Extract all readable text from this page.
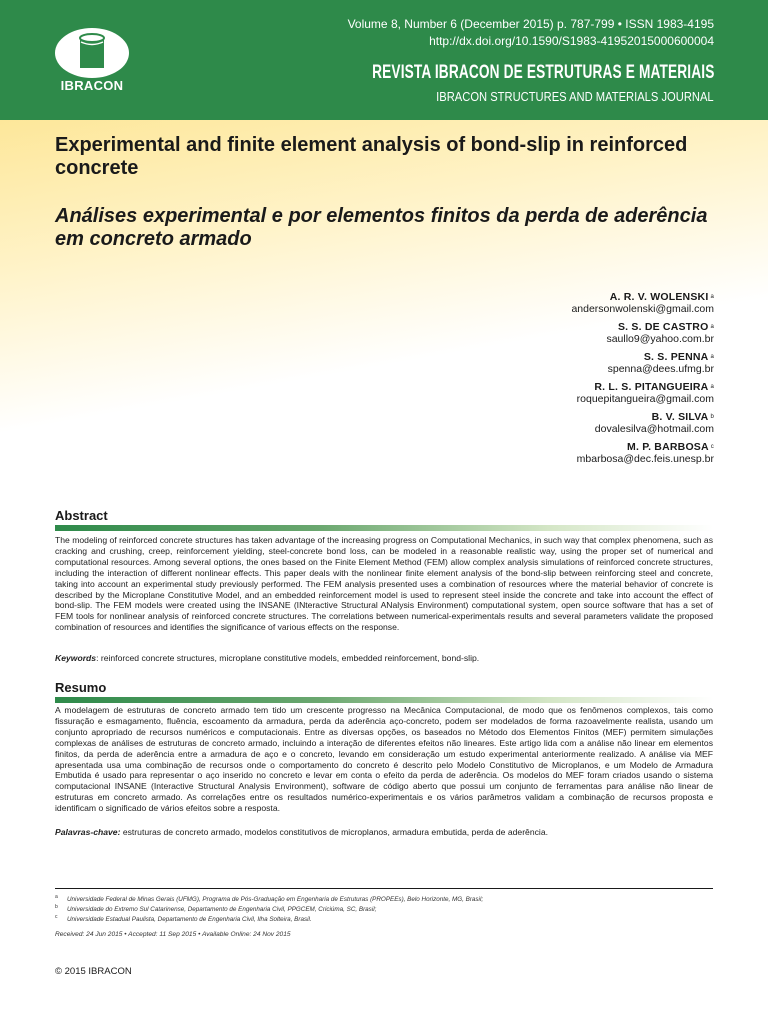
IBRACON
Volume 8, Number 6 (December 2015) p. 787-799 • ISSN 1983-4195
http://dx.doi.org/10.1590/S1983-41952015000600004
REVISTA IBRACON DE ESTRUTURAS E MATERIAIS
IBRACON STRUCTURES AND MATERIALS JOURNAL
Experimental and finite element analysis of bond-slip in reinforced concrete
Análises experimental e por elementos finitos da perda de aderência em concreto armado
A. R. V. WOLENSKI $^a$
andersonwolenski@gmail.com
S. S. DE CASTRO $^a$
saullo9@yahoo.com.br
S. S. PENNA $^a$
spenna@dees.ufmg.br
R. L. S. PITANGUEIRA $^a$
roquepitangueira@gmail.com
B. V. SILVA $^b$
dovalesilva@hotmail.com
M. P. BARBOSA $^c$
mbarbosa@dec.feis.unesp.br
Abstract

The modeling of reinforced concrete structures has taken advantage of the increasing progress on Computational Mechanics, in such way that complex phenomena, such as cracking and crushing, creep, reinforcement yielding, steel-concrete bond loss, can be modeled in a reasonable realistic way, using the proper set of numerical and computational resources. Among several options, the ones based on the Finite Element Method (FEM) allow complex analysis simulations of reinforced concrete structures, including the interaction of different nonlinear effects. This paper deals with the nonlinear finite element analysis of the bond-slip between reinforcing steel and concrete, taking into account an experimental study previously performed. The FEM analysis presented uses a combination of resources where the material behavior of concrete is described by the Microplane Constitutive Model, and an embedded reinforcement model is used to represent steel inside the concrete and take into account the effect of bond-slip. The FEM models were created using the INSANE (INteractive Structural ANalysis Environment) computational system, open source software that has a set of FEM tools for nonlinear analysis of reinforced concrete structures. The correlations between numerical-experimentals results and several parameters validate the proposed combination of resources and identifies the significance of various effects on the response.

Keywords: reinforced concrete structures, microplane constitutive models, embedded reinforcement, bond-slip.

Resumo

A modelagem de estruturas de concreto armado tem tido um crescente progresso na Mecânica Computacional, de modo que os fenômenos complexos, tais como fissuração e esmagamento, fluência, escoamento da armadura, perda da aderência aço-concreto, podem ser modelados de forma razoavelmente realista, usando um conjunto apropriado de recursos numéricos e computacionais. Entre as diversas opções, os baseados no Método dos Elementos Finitos (MEF) permitem simulações complexas de análises de estruturas de concreto armado, incluindo a interação de diferentes efeitos não lineares. Este artigo lida com a análise não linear em elementos finitos, da perda de aderência entre a armadura de aço e o concreto, levando em consideração um estudo experimental anteriormente realizado. A análise via MEF apresentada usa uma combinação de recursos onde o comportamento do concreto é descrito pelo Modelo Constitutivo de Microplanos, e um Modelo de Armadura Embutida é usado para representar o aço inserido no concreto e levar em conta o efeito da perda de aderência. Os modelos do MEF foram criados usando o sistema computacional INSANE (Interactive Structural Analysis Environment), software de código aberto que possui um conjunto de ferramentas para análise não linear de estruturas em concreto armado. As correlações entre os resultados numérico-experimentais e os vários parâmetros validam a combinação de recursos proposta e identificam o significado de vários efeitos sobre a resposta.

Palavras-chave: estruturas de concreto armado, modelos constitutivos de microplanos, armadura embutida, perda de aderência.

$^a$ Universidade Federal de Minas Gerais (UFMG), Programa de Pós-Graduação em Engenharia de Estruturas (PROPEEs), Belo Horizonte, MG, Brasil;
$^b$ Universidade do Extremo Sul Catarinense, Departamento de Engenharia Civil, PPGCEM, Criciúma, SC, Brasil;
$^c$ Universidade Estadual Paulista, Departamento de Engenharia Civil, Ilha Solteira, Brasil.
Received: 24 Jun 2015 • Accepted: 11 Sep 2015 • Available Online: 24 Nov 2015
© 2015 IBRACON
